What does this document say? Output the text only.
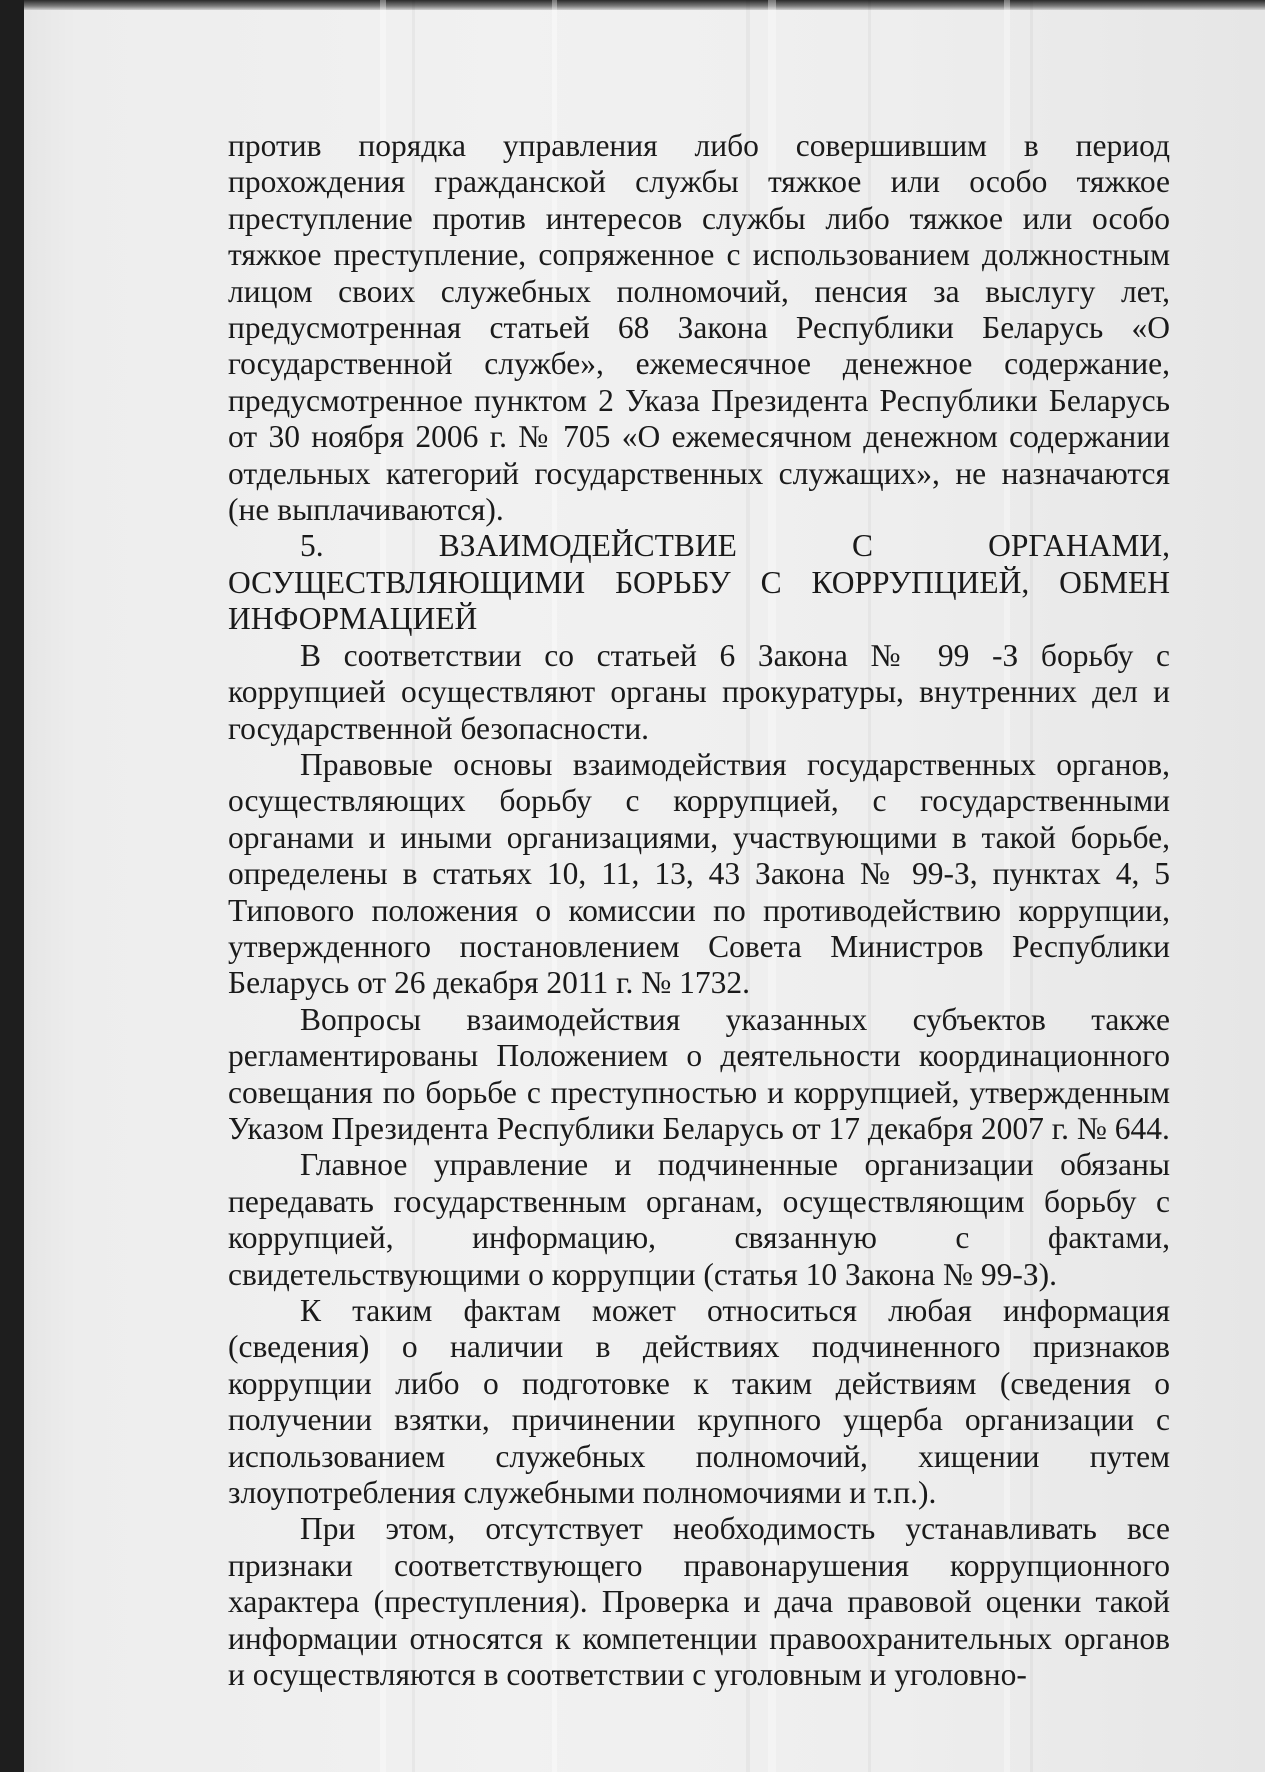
против порядка управления либо совершившим в период прохождения гражданской службы тяжкое или особо тяжкое преступление против интересов службы либо тяжкое или особо тяжкое преступление, сопряженное с использованием должностным лицом своих служебных полномочий, пенсия за выслугу лет, предусмотренная статьей 68 Закона Республики Беларусь «О государственной службе», ежемесячное денежное содержание, предусмотренное пунктом 2 Указа Президента Республики Беларусь от 30 ноября 2006 г. № 705 «О ежемесячном денежном содержании отдельных категорий государственных служащих», не назначаются (не выплачиваются).

5. ВЗАИМОДЕЙСТВИЕ С ОРГАНАМИ, ОСУЩЕСТВЛЯЮЩИМИ БОРЬБУ С КОРРУПЦИЕЙ, ОБМЕН ИНФОРМАЦИЕЙ

В соответствии со статьей 6 Закона № 99 -З борьбу с коррупцией осуществляют органы прокуратуры, внутренних дел и государственной безопасности.

Правовые основы взаимодействия государственных органов, осуществляющих борьбу с коррупцией, с государственными органами и иными организациями, участвующими в такой борьбе, определены в статьях 10, 11, 13, 43 Закона № 99-З, пунктах 4, 5 Типового положения о комиссии по противодействию коррупции, утвержденного постановлением Совета Министров Республики Беларусь от 26 декабря 2011 г. № 1732.

Вопросы взаимодействия указанных субъектов также регламентированы Положением о деятельности координационного совещания по борьбе с преступностью и коррупцией, утвержденным Указом Президента Республики Беларусь от 17 декабря 2007 г. № 644.

Главное управление и подчиненные организации обязаны передавать государственным органам, осуществляющим борьбу с коррупцией, информацию, связанную с фактами, свидетельствующими о коррупции (статья 10 Закона № 99-З).

К таким фактам может относиться любая информация (сведения) о наличии в действиях подчиненного признаков коррупции либо о подготовке к таким действиям (сведения о получении взятки, причинении крупного ущерба организации с использованием служебных полномочий, хищении путем злоупотребления служебными полномочиями и т.п.).

При этом, отсутствует необходимость устанавливать все признаки соответствующего правонарушения коррупционного характера (преступления). Проверка и дача правовой оценки такой информации относятся к компетенции правоохранительных органов и осуществляются в соответствии с уголовным и уголовно-
